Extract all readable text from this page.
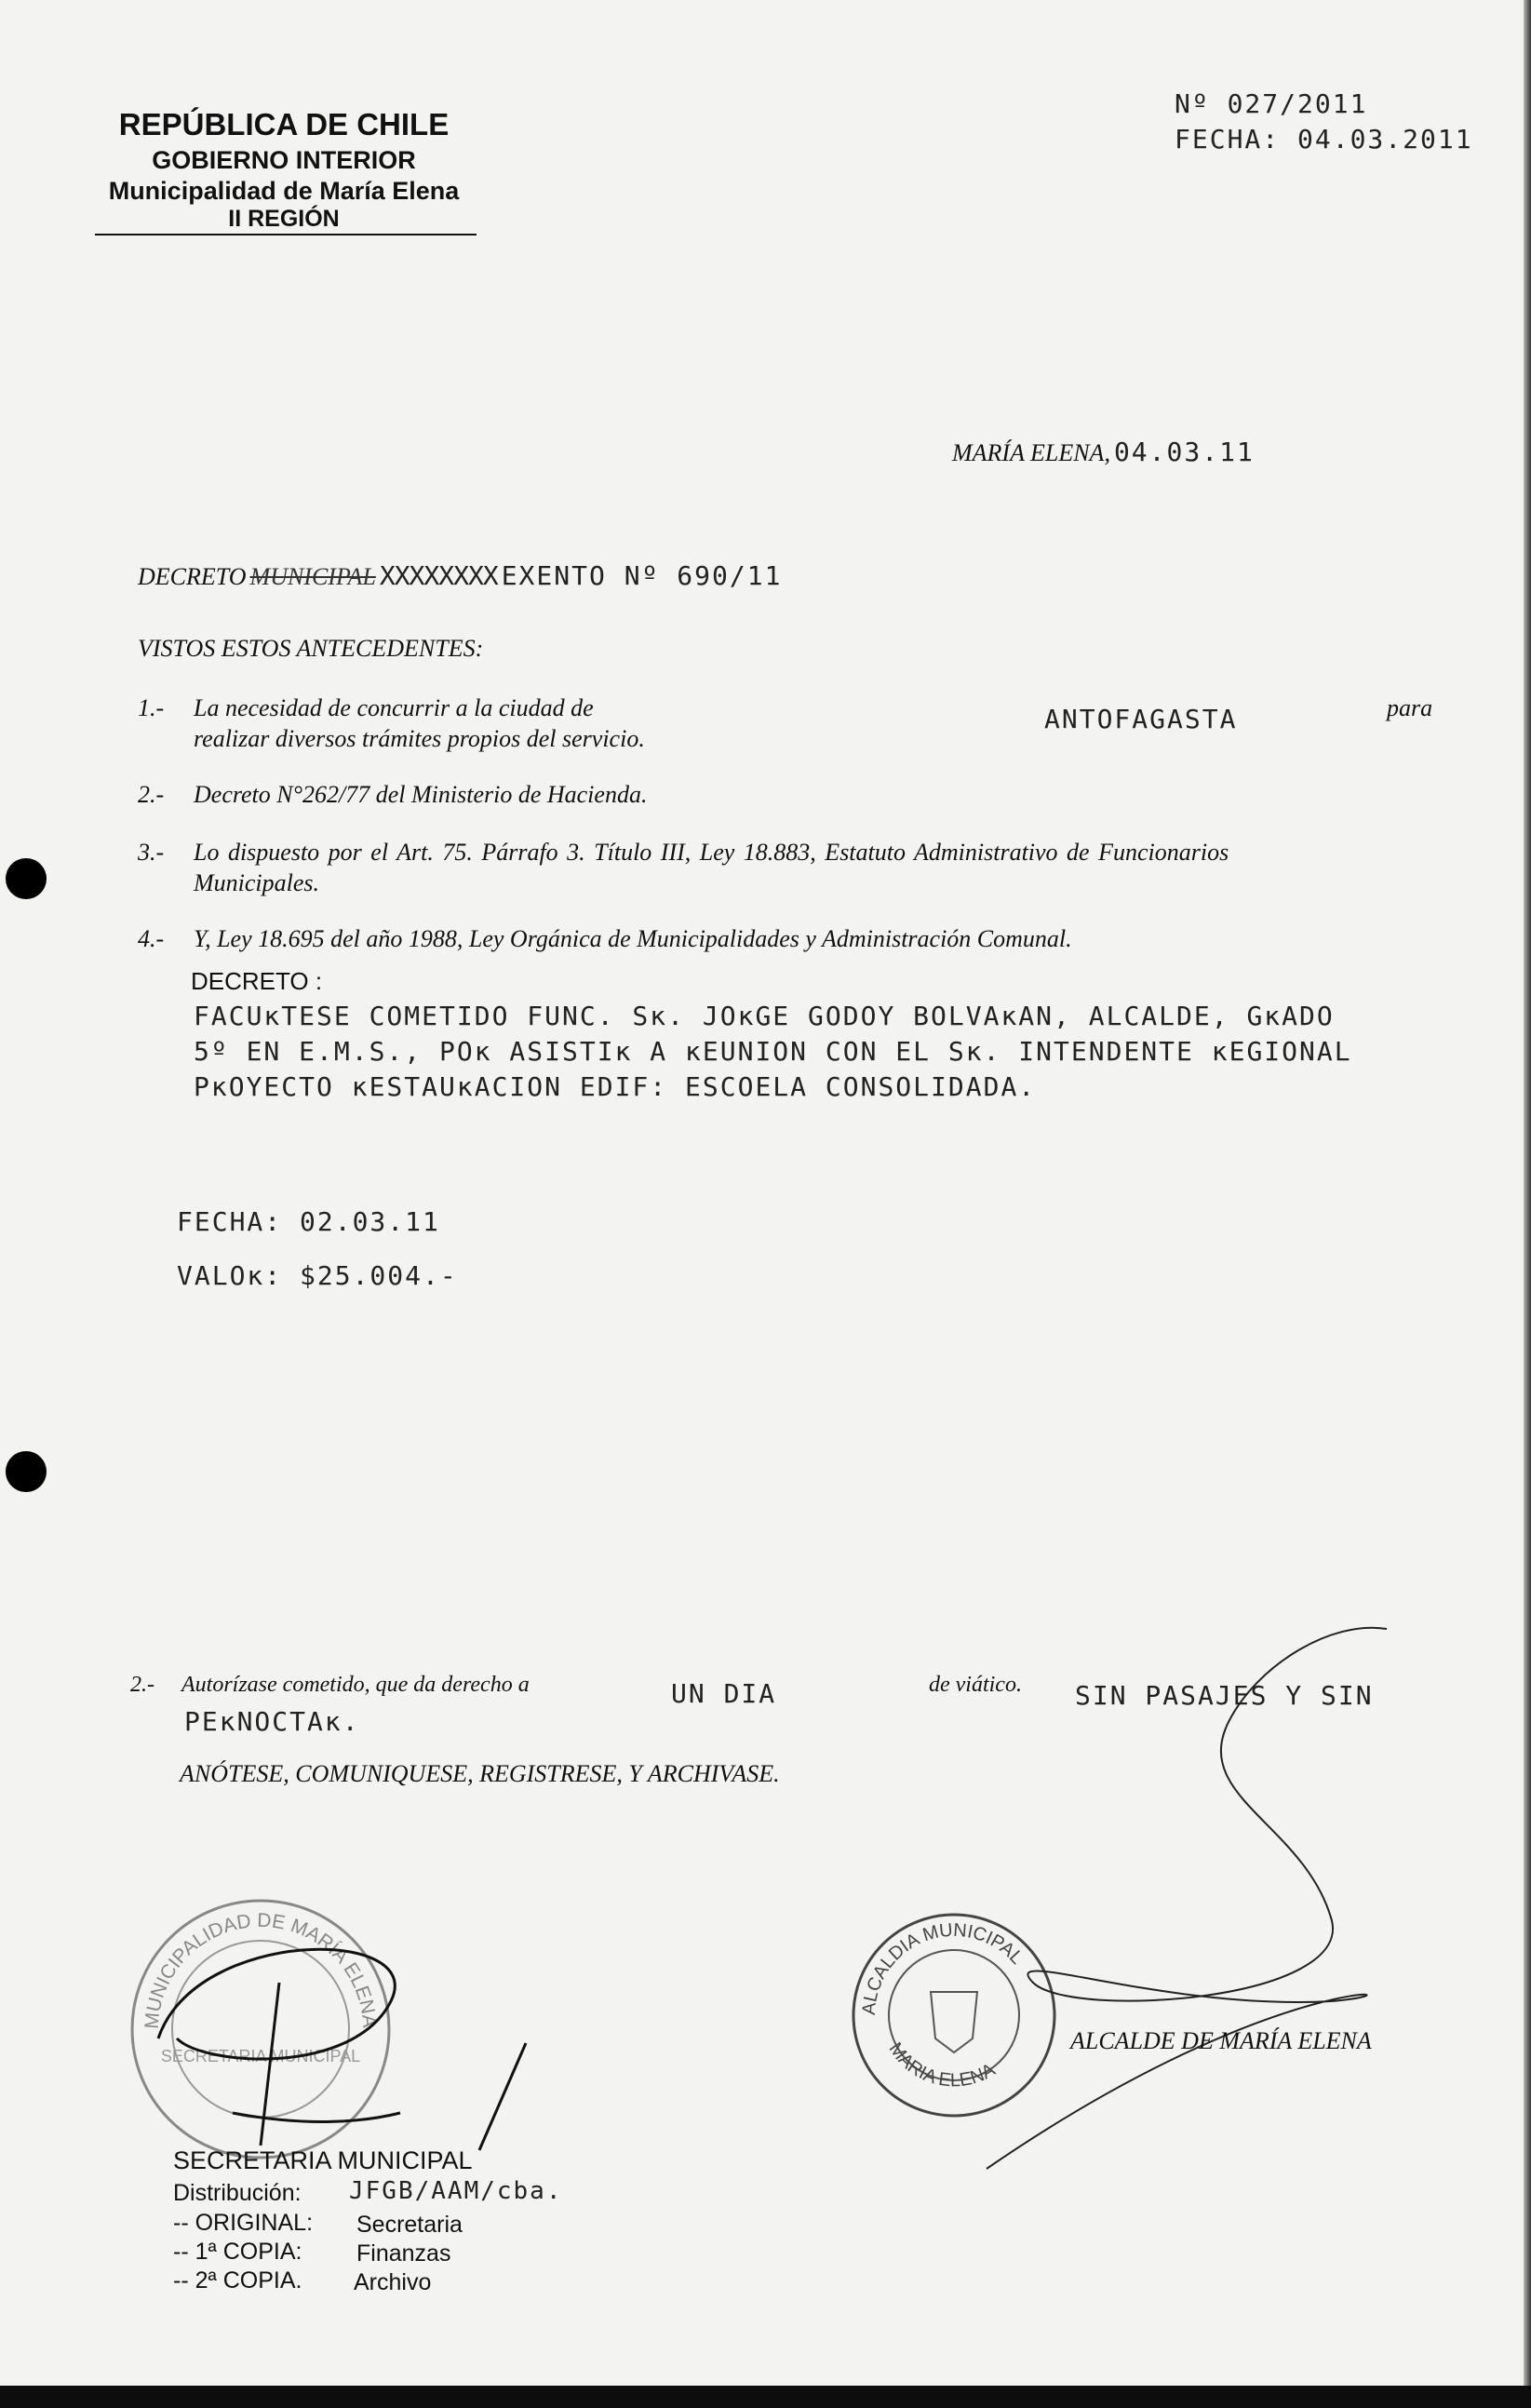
REPÚBLICA DE CHILE
GOBIERNO INTERIOR
Municipalidad de María Elena
II REGIÓN
Nº 027/2011
FECHA: 04.03.2011
MARÍA ELENA, 04.03.11
DECRETO MUNICIPAL XXXXXXXX EXENTO Nº 690/11
VISTOS ESTOS ANTECEDENTES:
1.- La necesidad de concurrir a la ciudad de
realizar diversos trámites propios del servicio.
ANTOFAGASTA	para
2.- Decreto N°262/77 del Ministerio de Hacienda.
3.- Lo dispuesto por el Art. 75. Párrafo 3. Título III, Ley 18.883, Estatuto Administrativo de Funcionarios
Municipales.
4.- Y, Ley 18.695 del año 1988, Ley Orgánica de Municipalidades y Administración Comunal.
DECRETO :
FACUĸTESE COMETIDO FUNC. Sĸ. JOĸGE GODOY BOLVAĸAN, ALCALDE, GĸADO
5º EN E.M.S., POĸ ASISTIĸ A ĸEUNION CON EL Sĸ. INTENDENTE ĸEGIONAL
PĸOYECTO ĸESTAUĸACION EDIF: ESCOELA CONSOLIDADA.
FECHA: 02.03.11
VALOĸ: $25.004.-
2.- Autorízase cometido, que da derecho a	UN DIA	de viático. SIN PASAJES Y SIN
PEĸNOCTAĸ.
ANÓTESE, COMUNIQUESE, REGISTRESE, Y ARCHIVASE.
MUNICIPALIDAD DE MARÍA ELENA
SECRETARIA MUNICIPAL
ALCALDIA MUNICIPAL
MARIA ELENA
ALCALDE DE MARÍA ELENA
SECRETARIA MUNICIPAL
Distribución: JFGB/AAM/cba.
-- ORIGINAL: Secretaria
-- 1ª COPIA: Finanzas
-- 2ª COPIA. Archivo
